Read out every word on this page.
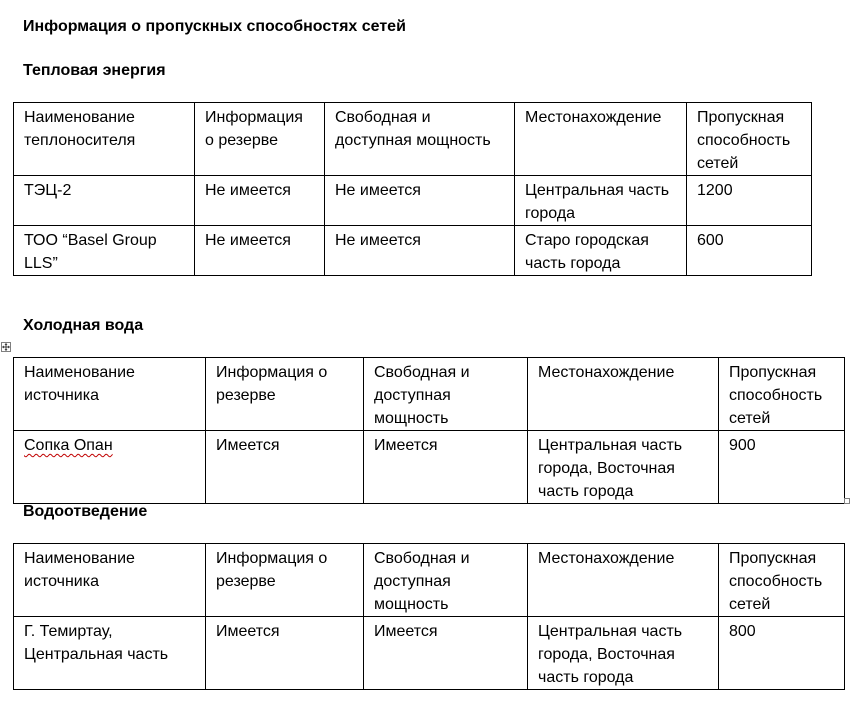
Информация о пропускных способностях сетей
Тепловая энергия
Наименование теплоносителя	Информация о резерве	Свободная и доступная мощность	Местонахождение	Пропускная способность сетей
ТЭЦ-2	Не имеется	Не имеется	Центральная часть города	1200
ТОО “Basel Group LLS”	Не имеется	Не имеется	Старо городская часть города	600
Холодная вода
Наименование источника	Информация о резерве	Свободная и доступная мощность	Местонахождение	Пропускная способность сетей
Сопка Опан	Имеется	Имеется	Центральная часть города, Восточная часть города	900
Водоотведение
Наименование источника	Информация о резерве	Свободная и доступная мощность	Местонахождение	Пропускная способность сетей
Г. Темиртау, Центральная часть	Имеется	Имеется	Центральная часть города, Восточная часть города	800
